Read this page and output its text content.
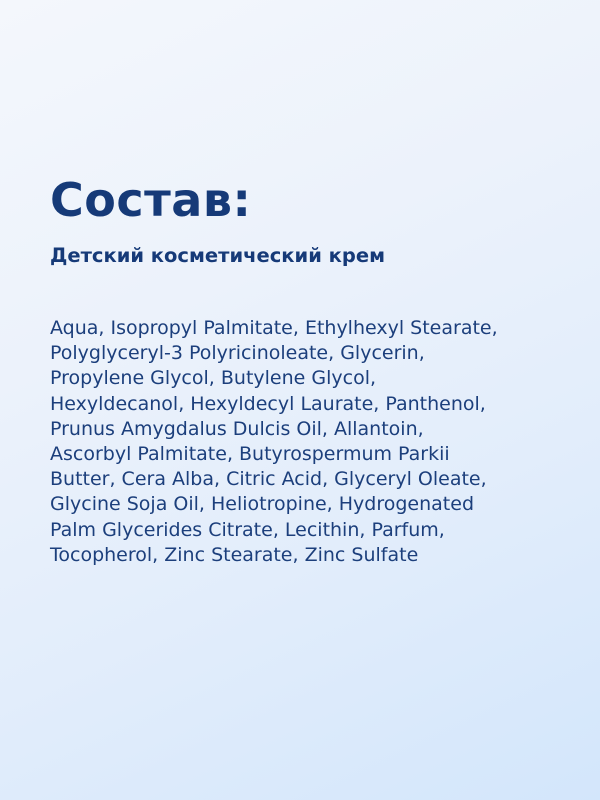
Состав:
Детский косметический крем

Aqua, Isopropyl Palmitate, Ethylhexyl Stearate,
Polyglyceryl-3 Polyricinoleate, Glycerin,
Propylene Glycol, Butylene Glycol,
Hexyldecanol, Hexyldecyl Laurate, Panthenol,
Prunus Amygdalus Dulcis Oil, Allantoin,
Ascorbyl Palmitate, Butyrospermum Parkii
Butter, Cera Alba, Citric Acid, Glyceryl Oleate,
Glycine Soja Oil, Heliotropine, Hydrogenated
Palm Glycerides Citrate, Lecithin, Parfum,
Tocopherol, Zinc Stearate, Zinc Sulfate
